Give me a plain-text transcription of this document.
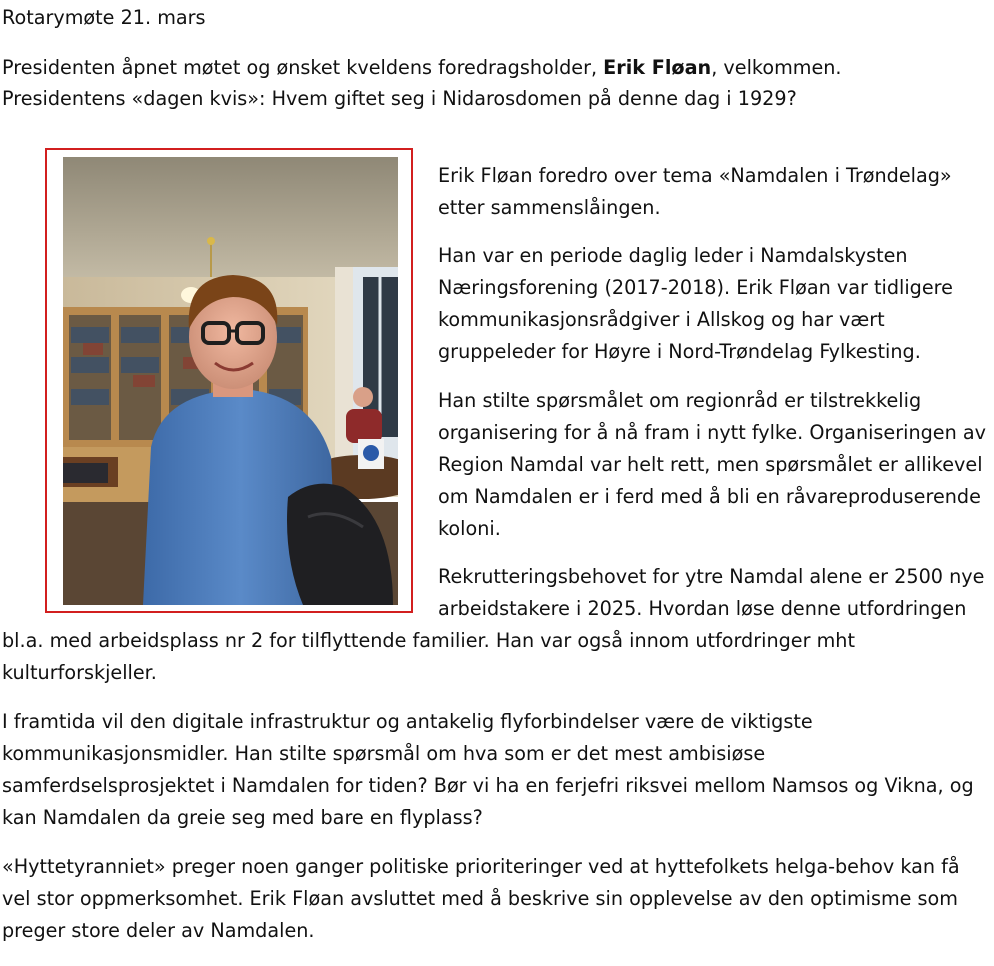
Rotarymøte 21. mars
Presidenten åpnet møtet og ønsket kveldens foredragsholder, Erik Fløan, velkommen.
Presidentens «dagen kvis»: Hvem giftet seg i Nidarosdomen på denne dag i 1929?
Erik Fløan foredro over tema «Namdalen i Trøndelag»
etter sammenslåingen.
Han var en periode daglig leder i Namdalskysten
Næringsforening (2017-2018). Erik Fløan var tidligere
kommunikasjonsrådgiver i Allskog og har vært
gruppeleder for Høyre i Nord-Trøndelag Fylkesting.
Han stilte spørsmålet om regionråd er tilstrekkelig
organisering for å nå fram i nytt fylke. Organiseringen av
Region Namdal var helt rett, men spørsmålet er allikevel
om Namdalen er i ferd med å bli en råvareproduserende
koloni.
Rekrutteringsbehovet for ytre Namdal alene er 2500 nye
arbeidstakere i 2025. Hvordan løse denne utfordringen
bl.a. med arbeidsplass nr 2 for tilflyttende familier. Han var også innom utfordringer mht
kulturforskjeller.
I framtida vil den digitale infrastruktur og antakelig flyforbindelser være de viktigste
kommunikasjonsmidler. Han stilte spørsmål om hva som er det mest ambisiøse
samferdselsprosjektet i Namdalen for tiden? Bør vi ha en ferjefri riksvei mellom Namsos og Vikna, og
kan Namdalen da greie seg med bare en flyplass?
«Hyttetyranniet» preger noen ganger politiske prioriteringer ved at hyttefolkets helga-behov kan få
vel stor oppmerksomhet. Erik Fløan avsluttet med å beskrive sin opplevelse av den optimisme som
preger store deler av Namdalen.
